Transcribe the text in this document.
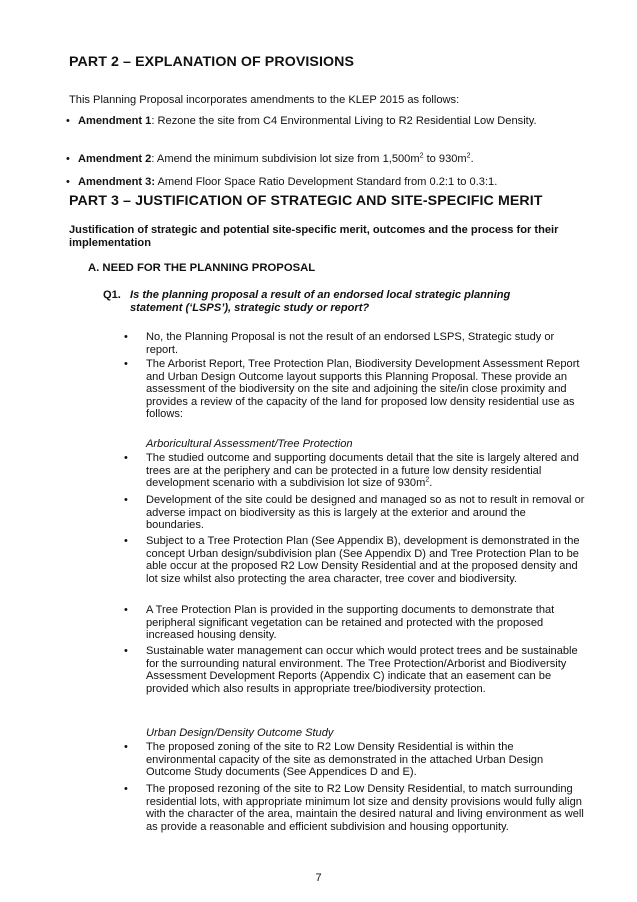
PART 2 – EXPLANATION OF PROVISIONS
This Planning Proposal incorporates amendments to the KLEP 2015 as follows:
• Amendment 1: Rezone the site from C4 Environmental Living to R2 Residential Low Density.
• Amendment 2: Amend the minimum subdivision lot size from $1,500m^2$ to $930m^2$.
• Amendment 3: Amend Floor Space Ratio Development Standard from 0.2:1 to 0.3:1.
PART 3 – JUSTIFICATION OF STRATEGIC AND SITE-SPECIFIC MERIT
Justification of strategic and potential site-specific merit, outcomes and the process for their implementation
A. NEED FOR THE PLANNING PROPOSAL
Q1. Is the planning proposal a result of an endorsed local strategic planning statement (‘LSPS’), strategic study or report?
• No, the Planning Proposal is not the result of an endorsed LSPS, Strategic study or report.
• The Arborist Report, Tree Protection Plan, Biodiversity Development Assessment Report and Urban Design Outcome layout supports this Planning Proposal. These provide an assessment of the biodiversity on the site and adjoining the site/in close proximity and provides a review of the capacity of the land for proposed low density residential use as follows:
Arboricultural Assessment/Tree Protection
• The studied outcome and supporting documents detail that the site is largely altered and trees are at the periphery and can be protected in a future low density residential development scenario with a subdivision lot size of $930m^2$.
• Development of the site could be designed and managed so as not to result in removal or adverse impact on biodiversity as this is largely at the exterior and around the boundaries.
• Subject to a Tree Protection Plan (See Appendix B), development is demonstrated in the concept Urban design/subdivision plan (See Appendix D) and Tree Protection Plan to be able occur at the proposed R2 Low Density Residential and at the proposed density and lot size whilst also protecting the area character, tree cover and biodiversity.
• A Tree Protection Plan is provided in the supporting documents to demonstrate that peripheral significant vegetation can be retained and protected with the proposed increased housing density.
• Sustainable water management can occur which would protect trees and be sustainable for the surrounding natural environment. The Tree Protection/Arborist and Biodiversity Assessment Development Reports (Appendix C) indicate that an easement can be provided which also results in appropriate tree/biodiversity protection.
Urban Design/Density Outcome Study
• The proposed zoning of the site to R2 Low Density Residential is within the environmental capacity of the site as demonstrated in the attached Urban Design Outcome Study documents (See Appendices D and E).
• The proposed rezoning of the site to R2 Low Density Residential, to match surrounding residential lots, with appropriate minimum lot size and density provisions would fully align with the character of the area, maintain the desired natural and living environment as well as provide a reasonable and efficient subdivision and housing opportunity.
7
